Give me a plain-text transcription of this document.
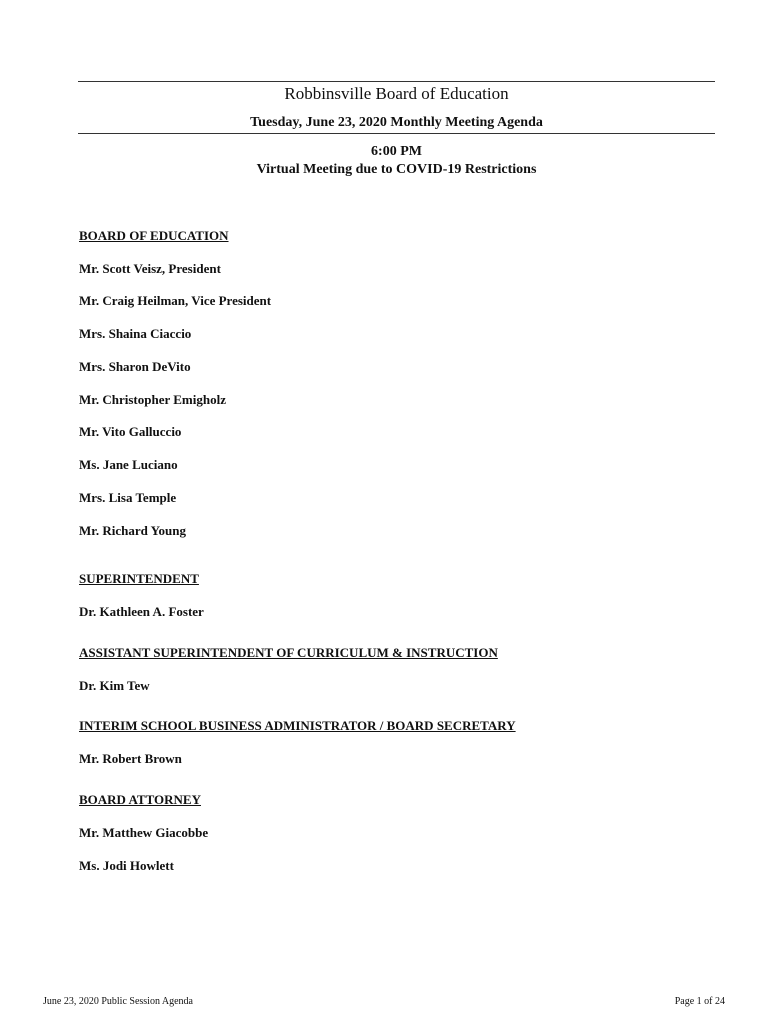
Robbinsville Board of Education
Tuesday, June 23, 2020 Monthly Meeting Agenda
6:00 PM
Virtual Meeting due to COVID-19 Restrictions
BOARD OF EDUCATION
Mr. Scott Veisz, President
Mr. Craig Heilman, Vice President
Mrs. Shaina Ciaccio
Mrs. Sharon DeVito
Mr. Christopher Emigholz
Mr. Vito Galluccio
Ms. Jane Luciano
Mrs. Lisa Temple
Mr. Richard Young
SUPERINTENDENT
Dr. Kathleen A. Foster
ASSISTANT SUPERINTENDENT OF CURRICULUM & INSTRUCTION
Dr. Kim Tew
INTERIM SCHOOL BUSINESS ADMINISTRATOR / BOARD SECRETARY
Mr. Robert Brown
BOARD ATTORNEY
Mr. Matthew Giacobbe
Ms. Jodi Howlett
June 23, 2020 Public Session Agenda	Page 1 of 24
